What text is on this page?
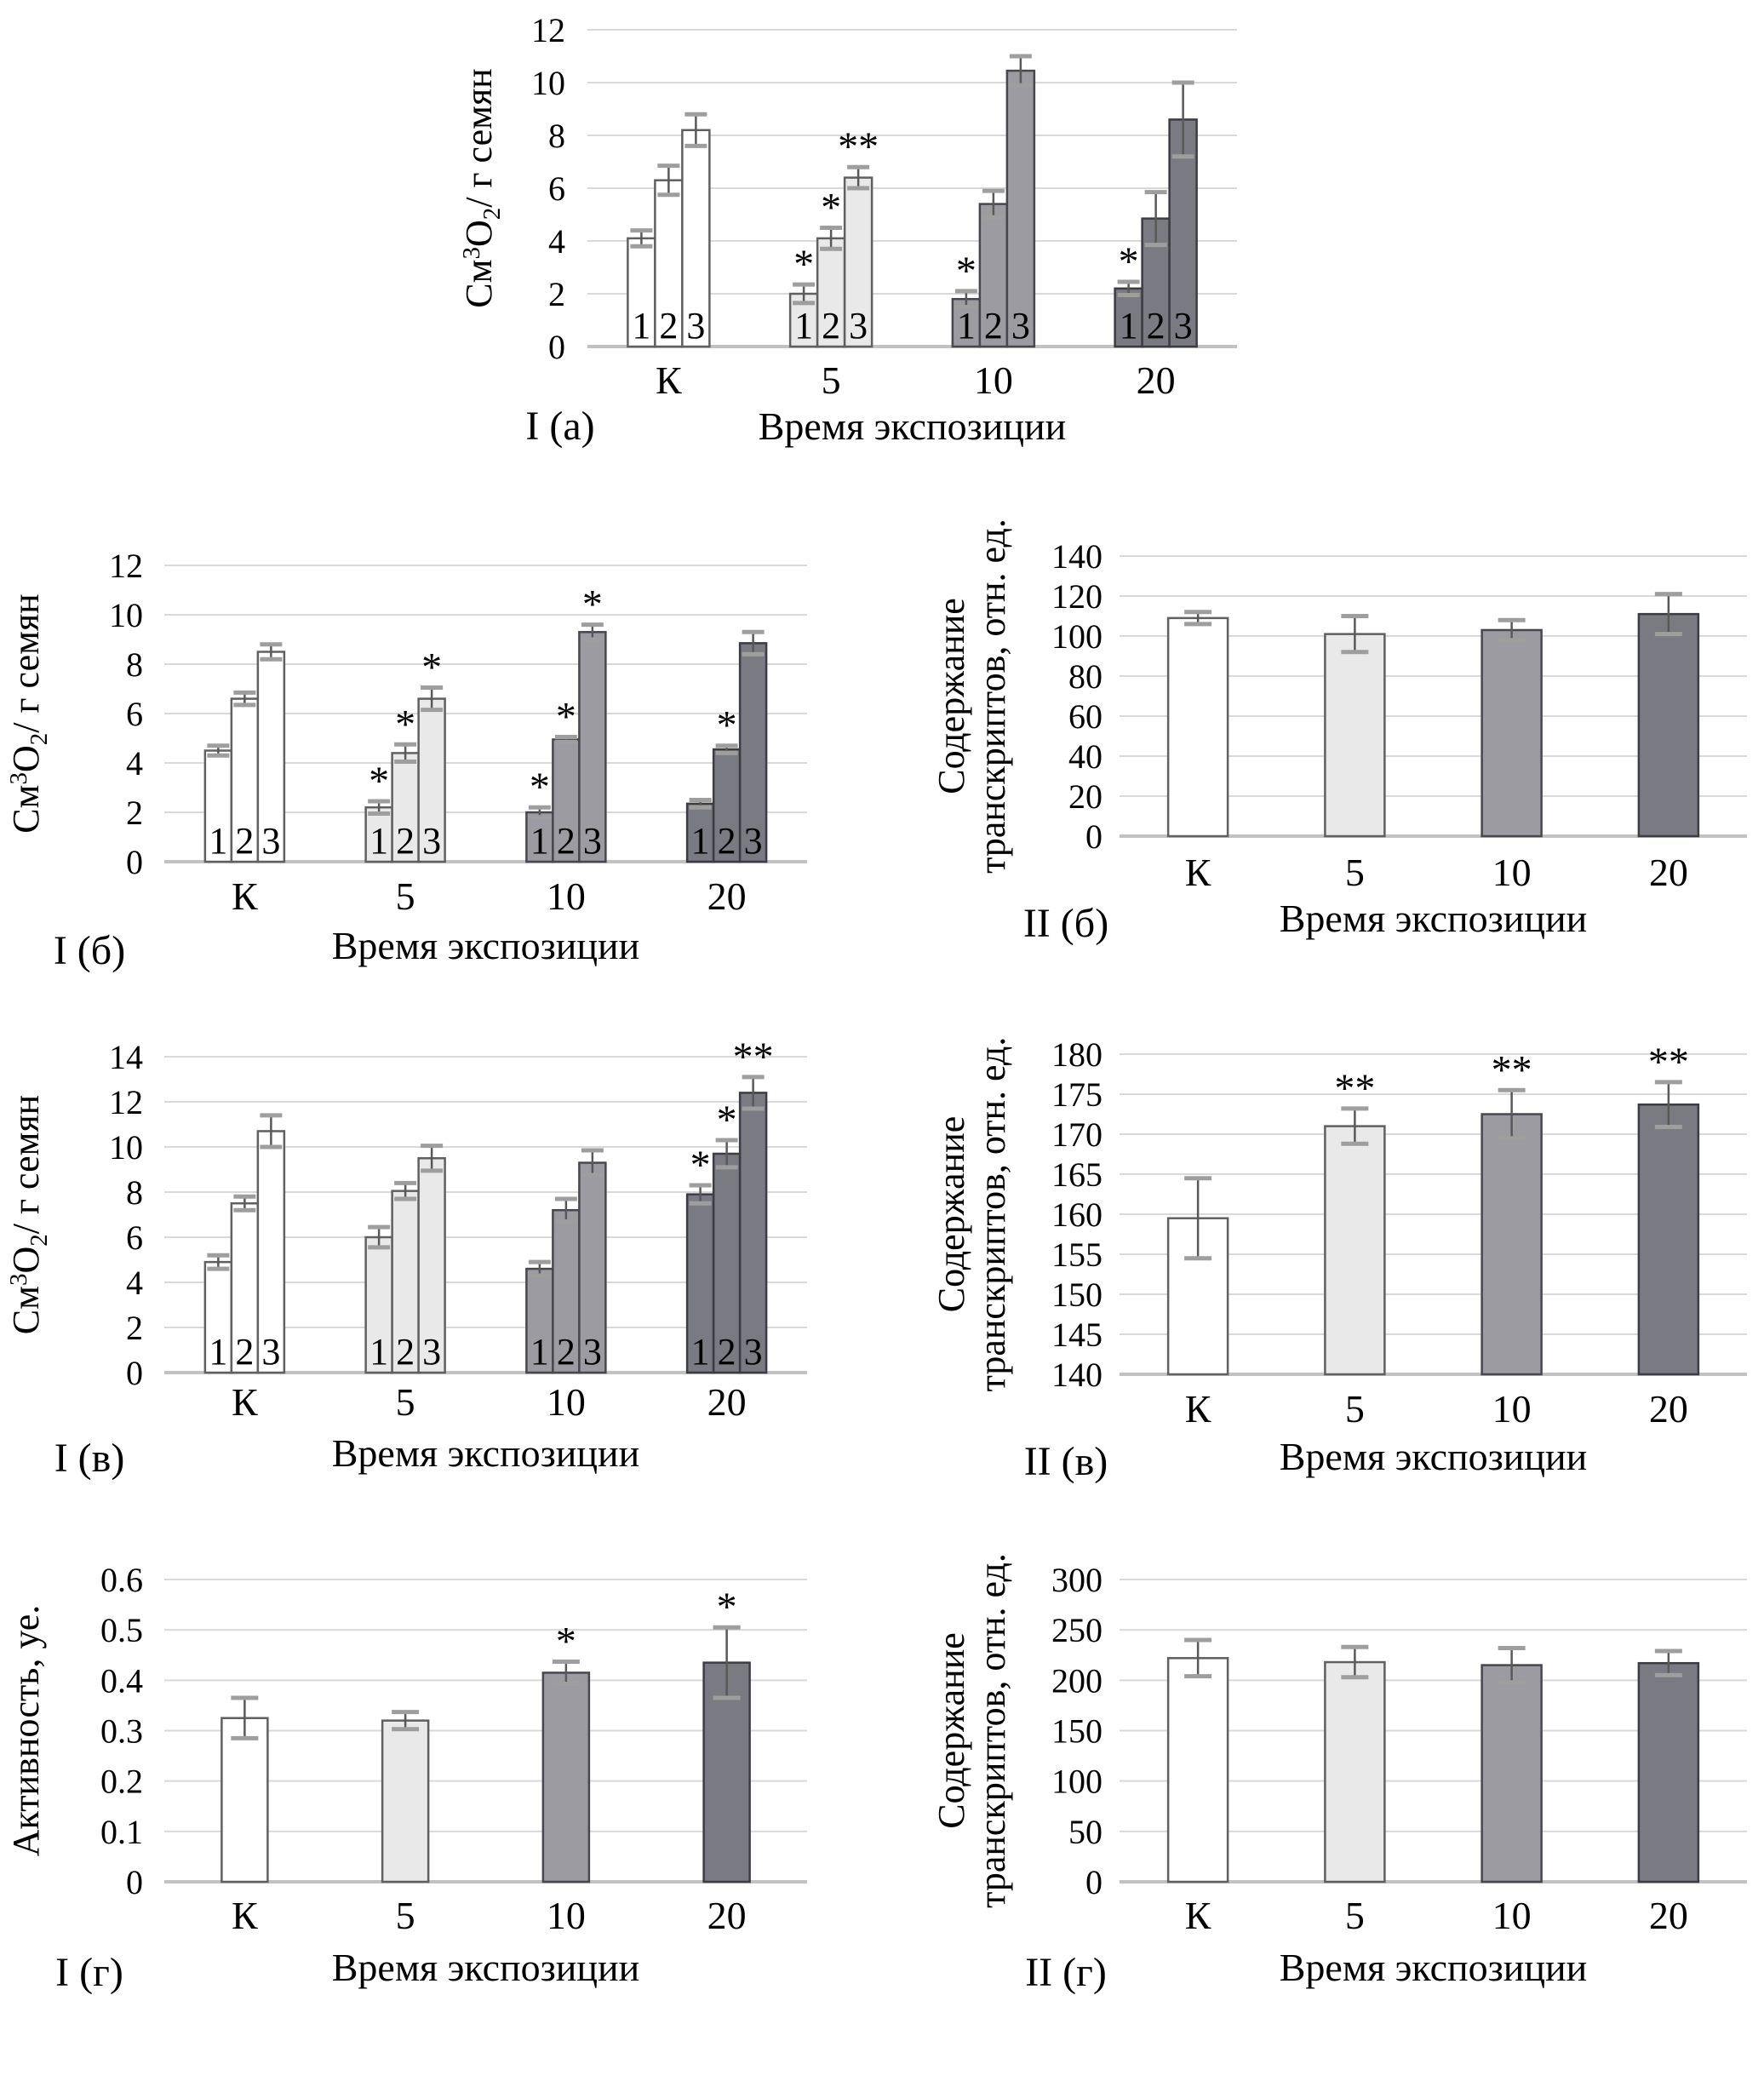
0
2
4
6
8
10
12
1 2 3
К
*
1
*
2
**
3
5
*
1 2 3
10
*
1 2 3
20
Время экспозиции
I (а)
$См^3О_2/$ г семян
0
2
4
6
8
10
12
1 2 3
К
*
1
*
2
*
3
5
*
1
*
2
*
3
10
1
*
2 3
20
Время экспозиции
I (б)
$См^3О_2/$ г семян
0
20
40
60
80
100
120
140
К	5	10	20
Время экспозиции
II (б)
Содержание транскриптов, отн. ед.
0
2
4
6
8
10
12
14
1 2 3
К
1 2 3
5
1 2 3
10
*
1
*
2
**
3
20
Время экспозиции
I (в)
$См^3О_2/$ г семян
140
145
150
155
160
165
170
175
180
К
**
5
**
10
**
20
Время экспозиции
II (в)
Содержание транскриптов, отн. ед.
0
0.1
0.2
0.3
0.4
0.5
0.6
К	5
*
10
*
20
Время экспозиции
I (г)
Активность, уе.
0
50
100
150
200
250
300
К	5	10	20
Время экспозиции
II (г)
Содержание транскриптов, отн. ед.
